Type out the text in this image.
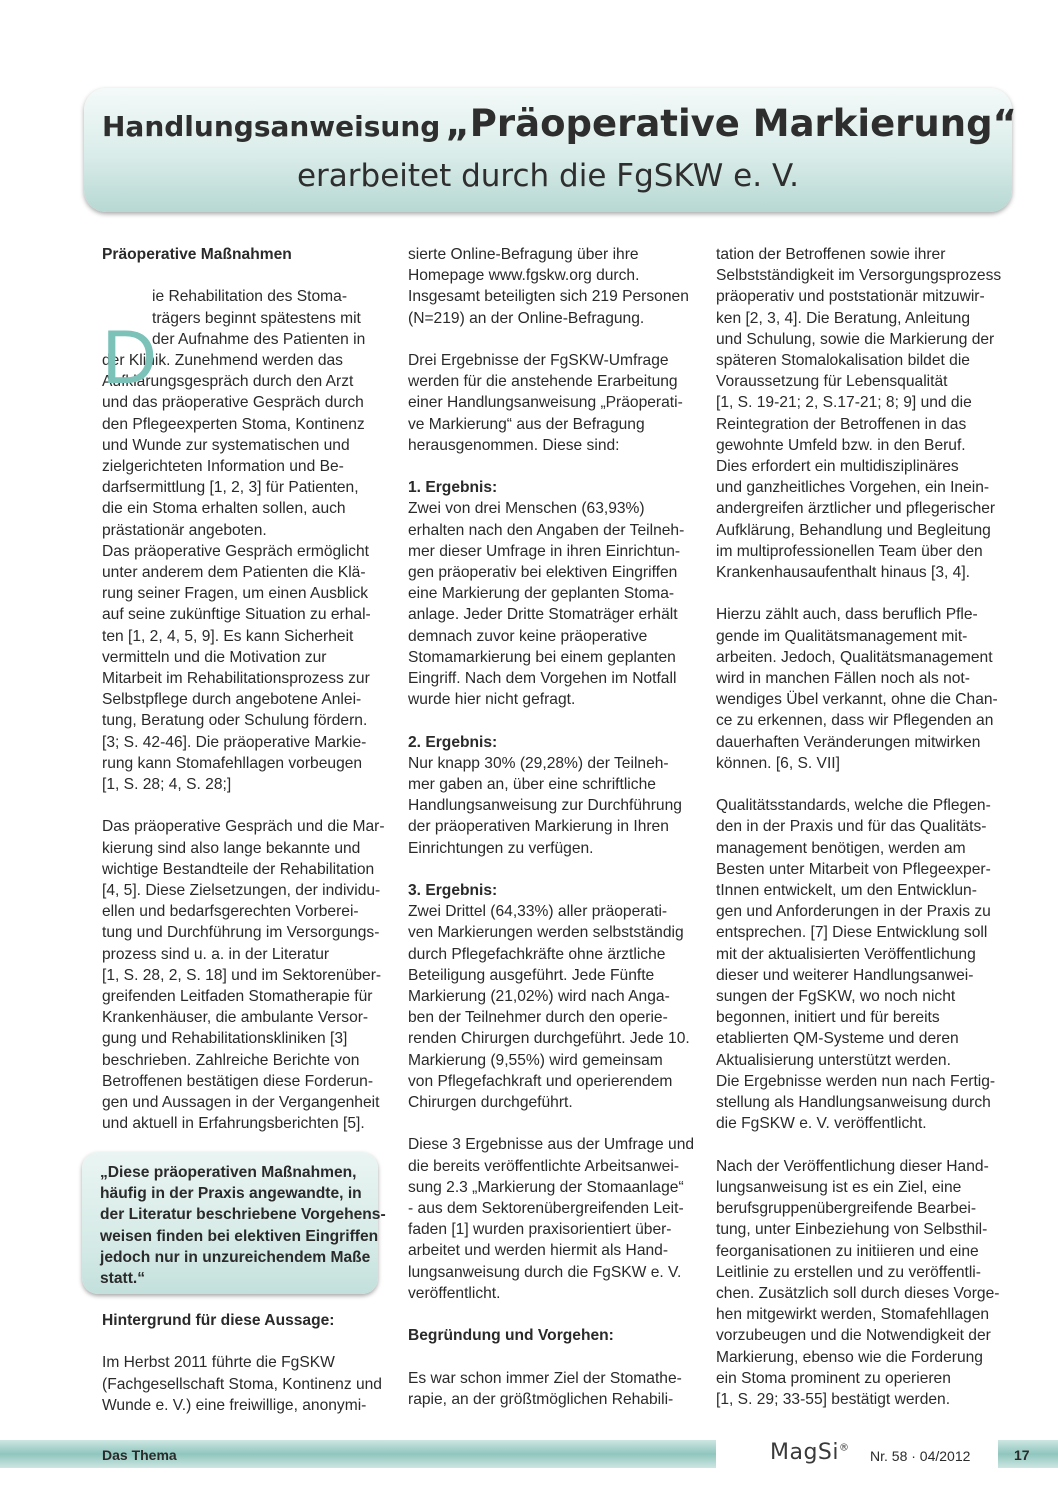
Handlungsanweisung „Präoperative Markierung“
erarbeitet durch die FgSKW e. V.

Präoperative Maßnahmen

D
ie Rehabilitation des Stoma-
trägers beginnt spätestens mit
der Aufnahme des Patienten in
der Klinik. Zunehmend werden das
Aufklärungsgespräch durch den Arzt
und das präoperative Gespräch durch
den Pflegeexperten Stoma, Kontinenz
und Wunde zur systematischen und
zielgerichteten Information und Be-
darfsermittlung [1, 2, 3] für Patienten,
die ein Stoma erhalten sollen, auch
prästationär angeboten.

Das präoperative Gespräch ermöglicht
unter anderem dem Patienten die Klä-
rung seiner Fragen, um einen Ausblick
auf seine zukünftige Situation zu erhal-
ten [1, 2, 4, 5, 9]. Es kann Sicherheit
vermitteln und die Motivation zur
Mitarbeit im Rehabilitationsprozess zur
Selbstpflege durch angebotene Anlei-
tung, Beratung oder Schulung fördern.
[3; S. 42-46]. Die präoperative Markie-
rung kann Stomafehllagen vorbeugen
[1, S. 28; 4, S. 28;]

Das präoperative Gespräch und die Mar-
kierung sind also lange bekannte und
wichtige Bestandteile der Rehabilitation
[4, 5]. Diese Zielsetzungen, der individu-
ellen und bedarfsgerechten Vorberei-
tung und Durchführung im Versorgungs-
prozess sind u. a. in der Literatur
[1, S. 28, 2, S. 18] und im Sektorenüber-
greifenden Leitfaden Stomatherapie für
Krankenhäuser, die ambulante Versor-
gung und Rehabilitationskliniken [3]
beschrieben. Zahlreiche Berichte von
Betroffenen bestätigen diese Forderun-
gen und Aussagen in der Vergangenheit
und aktuell in Erfahrungsberichten [5].

„Diese präoperativen Maßnahmen,
häufig in der Praxis angewandte, in
der Literatur beschriebene Vorgehens-
weisen finden bei elektiven Eingriffen
jedoch nur in unzureichendem Maße
statt.“

Hintergrund für diese Aussage:

Im Herbst 2011 führte die FgSKW
(Fachgesellschaft Stoma, Kontinenz und
Wunde e. V.) eine freiwillige, anonymi-

sierte Online-Befragung über ihre
Homepage www.fgskw.org durch.
Insgesamt beteiligten sich 219 Personen
(N=219) an der Online-Befragung.

Drei Ergebnisse der FgSKW-Umfrage
werden für die anstehende Erarbeitung
einer Handlungsanweisung „Präoperati-
ve Markierung“ aus der Befragung
herausgenommen. Diese sind:

1. Ergebnis:
Zwei von drei Menschen (63,93%)
erhalten nach den Angaben der Teilneh-
mer dieser Umfrage in ihren Einrichtun-
gen präoperativ bei elektiven Eingriffen
eine Markierung der geplanten Stoma-
anlage. Jeder Dritte Stomaträger erhält
demnach zuvor keine präoperative
Stomamarkierung bei einem geplanten
Eingriff. Nach dem Vorgehen im Notfall
wurde hier nicht gefragt.

2. Ergebnis:
Nur knapp 30% (29,28%) der Teilneh-
mer gaben an, über eine schriftliche
Handlungsanweisung zur Durchführung
der präoperativen Markierung in Ihren
Einrichtungen zu verfügen.

3. Ergebnis:
Zwei Drittel (64,33%) aller präoperati-
ven Markierungen werden selbstständig
durch Pflegefachkräfte ohne ärztliche
Beteiligung ausgeführt. Jede Fünfte
Markierung (21,02%) wird nach Anga-
ben der Teilnehmer durch den operie-
renden Chirurgen durchgeführt. Jede 10.
Markierung (9,55%) wird gemeinsam
von Pflegefachkraft und operierendem
Chirurgen durchgeführt.

Diese 3 Ergebnisse aus der Umfrage und
die bereits veröffentlichte Arbeitsanwei-
sung 2.3 „Markierung der Stomaanlage“
- aus dem Sektorenübergreifenden Leit-
faden [1] wurden praxisorientiert über-
arbeitet und werden hiermit als Hand-
lungsanweisung durch die FgSKW e. V.
veröffentlicht.

Begründung und Vorgehen:

Es war schon immer Ziel der Stomathe-
rapie, an der größtmöglichen Rehabili-

tation der Betroffenen sowie ihrer
Selbstständigkeit im Versorgungsprozess
präoperativ und poststationär mitzuwir-
ken [2, 3, 4]. Die Beratung, Anleitung
und Schulung, sowie die Markierung der
späteren Stomalokalisation bildet die
Voraussetzung für Lebensqualität
[1, S. 19-21; 2, S.17-21; 8; 9] und die
Reintegration der Betroffenen in das
gewohnte Umfeld bzw. in den Beruf.
Dies erfordert ein multidisziplinäres
und ganzheitliches Vorgehen, ein Inein-
andergreifen ärztlicher und pflegerischer
Aufklärung, Behandlung und Begleitung
im multiprofessionellen Team über den
Krankenhausaufenthalt hinaus [3, 4].

Hierzu zählt auch, dass beruflich Pfle-
gende im Qualitätsmanagement mit-
arbeiten. Jedoch, Qualitätsmanagement
wird in manchen Fällen noch als not-
wendiges Übel verkannt, ohne die Chan-
ce zu erkennen, dass wir Pflegenden an
dauerhaften Veränderungen mitwirken
können. [6, S. VII]

Qualitätsstandards, welche die Pflegen-
den in der Praxis und für das Qualitäts-
management benötigen, werden am
Besten unter Mitarbeit von Pflegeexper-
tInnen entwickelt, um den Entwicklun-
gen und Anforderungen in der Praxis zu
entsprechen. [7] Diese Entwicklung soll
mit der aktualisierten Veröffentlichung
dieser und weiterer Handlungsanwei-
sungen der FgSKW, wo noch nicht
begonnen, initiert und für bereits
etablierten QM-Systeme und deren
Aktualisierung unterstützt werden.
Die Ergebnisse werden nun nach Fertig-
stellung als Handlungsanweisung durch
die FgSKW e. V. veröffentlicht.

Nach der Veröffentlichung dieser Hand-
lungsanweisung ist es ein Ziel, eine
berufsgruppenübergreifende Bearbei-
tung, unter Einbeziehung von Selbsthil-
feorganisationen zu initiieren und eine
Leitlinie zu erstellen und zu veröffentli-
chen. Zusätzlich soll durch dieses Vorge-
hen mitgewirkt werden, Stomafehllagen
vorzubeugen und die Notwendigkeit der
Markierung, ebenso wie die Forderung
ein Stoma prominent zu operieren
[1, S. 29; 33-55] bestätigt werden.

Das Thema	MagSi® Nr. 58 · 04/2012	17
